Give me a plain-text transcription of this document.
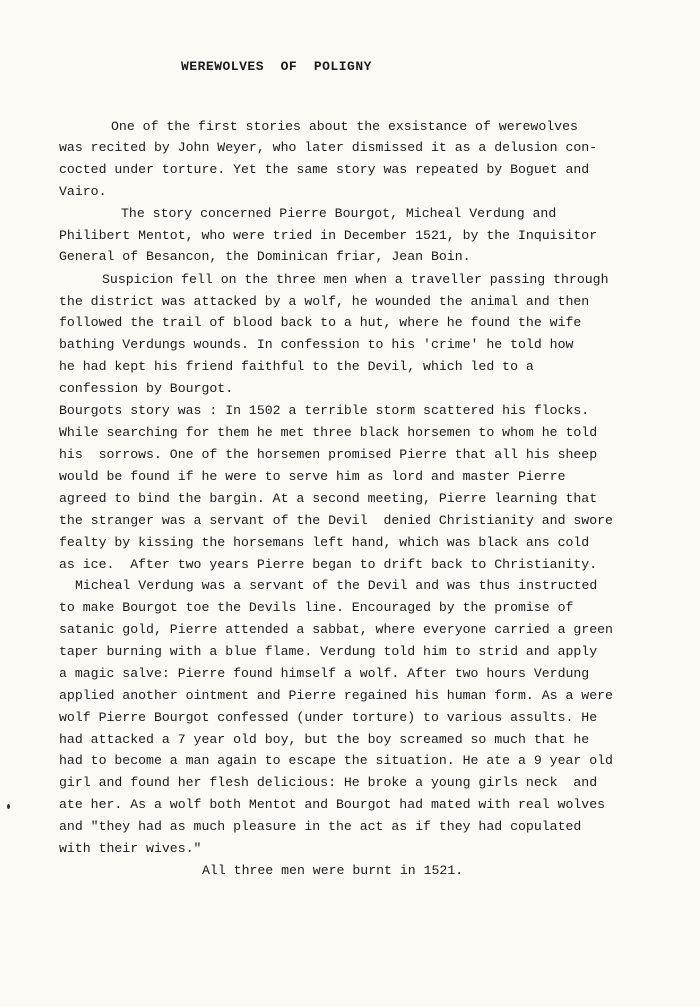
WEREWOLVES  OF  POLIGNY
One of the first stories about the exsistance of werewolves
was recited by John Weyer, who later dismissed it as a delusion con-
cocted under torture. Yet the same story was repeated by Boguet and
Vairo.
The story concerned Pierre Bourgot, Micheal Verdung and
Philibert Mentot, who were tried in December 1521, by the Inquisitor
General of Besancon, the Dominican friar, Jean Boin.
Suspicion fell on the three men when a traveller passing through
the district was attacked by a wolf, he wounded the animal and then
followed the trail of blood back to a hut, where he found the wife
bathing Verdungs wounds. In confession to his 'crime' he told how
he had kept his friend faithful to the Devil, which led to a
confession by Bourgot.
Bourgots story was : In 1502 a terrible storm scattered his flocks.
While searching for them he met three black horsemen to whom he told
his  sorrows. One of the horsemen promised Pierre that all his sheep
would be found if he were to serve him as lord and master Pierre
agreed to bind the bargin. At a second meeting, Pierre learning that
the stranger was a servant of the Devil  denied Christianity and swore
fealty by kissing the horsemans left hand, which was black ans cold
as ice.  After two years Pierre began to drift back to Christianity.
Micheal Verdung was a servant of the Devil and was thus instructed
to make Bourgot toe the Devils line. Encouraged by the promise of
satanic gold, Pierre attended a sabbat, where everyone carried a green
taper burning with a blue flame. Verdung told him to strid and apply
a magic salve: Pierre found himself a wolf. After two hours Verdung
applied another ointment and Pierre regained his human form. As a were
wolf Pierre Bourgot confessed (under torture) to various assults. He
had attacked a 7 year old boy, but the boy screamed so much that he
had to become a man again to escape the situation. He ate a 9 year old
girl and found her flesh delicious: He broke a young girls neck  and
ate her. As a wolf both Mentot and Bourgot had mated with real wolves
and "they had as much pleasure in the act as if they had copulated
with their wives."
All three men were burnt in 1521.
